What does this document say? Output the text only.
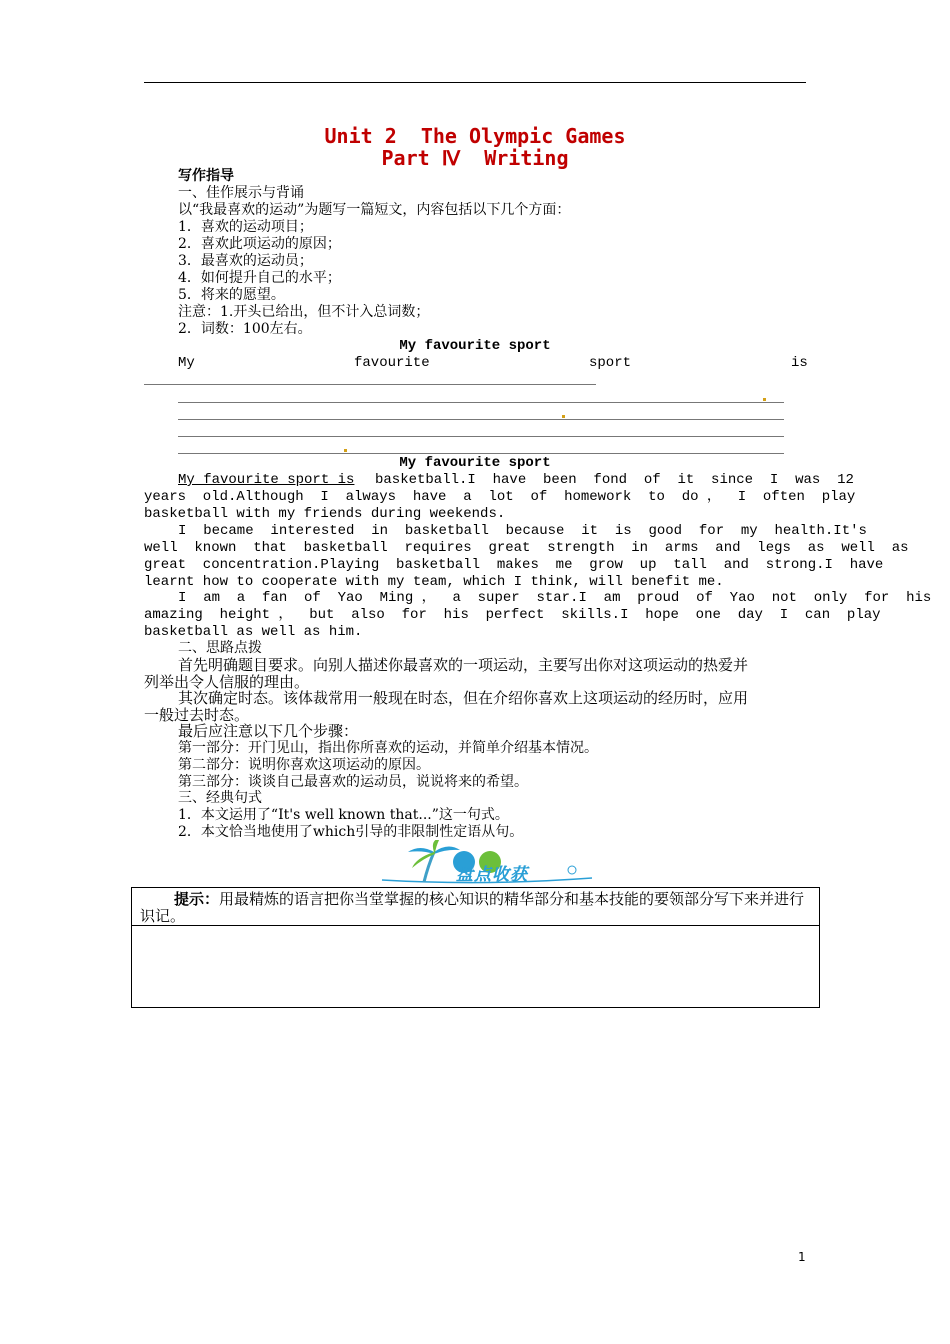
Unit 2  The Olympic Games
Part Ⅳ  Writing
写作指导
一、佳作展示与背诵
以“我最喜欢的运动”为题写一篇短文，内容包括以下几个方面：
1．喜欢的运动项目；
2．喜欢此项运动的原因；
3．最喜欢的运动员；
4．如何提升自己的水平；
5．将来的愿望。
注意：1.开头已给出，但不计入总词数；
2．词数：100左右。
My favourite sport
My	favourite	sport	is
My favourite sport
My favourite sport is basketball.I  have  been  fond  of  it  since  I  was  12
years  old.Although  I  always  have  a  lot  of  homework  to  do ，  I  often  play
basketball with my friends during weekends.
I  became  interested  in  basketball  because  it  is  good  for  my  health.It's
well  known  that  basketball  requires  great  strength  in  arms  and  legs  as  well  as
great  concentration.Playing  basketball  makes  me  grow  up  tall  and  strong.I  have
learnt how to cooperate with my team, which I think, will benefit me.
I  am  a  fan  of  Yao  Ming ，  a  super  star.I  am  proud  of  Yao  not  only  for  his
amazing  height ，  but  also  for  his  perfect  skills.I  hope  one  day  I  can  play
basketball as well as him.
二、思路点拨
首先明确题目要求。向别人描述你最喜欢的一项运动，主要写出你对这项运动的热爱并
列举出令人信服的理由。
其次确定时态。该体裁常用一般现在时态，但在介绍你喜欢上这项运动的经历时，应用
一般过去时态。
最后应注意以下几个步骤：
第一部分：开门见山，指出你所喜欢的运动，并简单介绍基本情况。
第二部分：说明你喜欢这项运动的原因。
第三部分：谈谈自己最喜欢的运动员，说说将来的希望。
三、经典句式
1．本文运用了“It's well known that...”这一句式。
2．本文恰当地使用了which引导的非限制性定语从句。
盘点收获
提示：用最精炼的语言把你当堂掌握的核心知识的精华部分和基本技能的要领部分写下来并进行识记。
1
